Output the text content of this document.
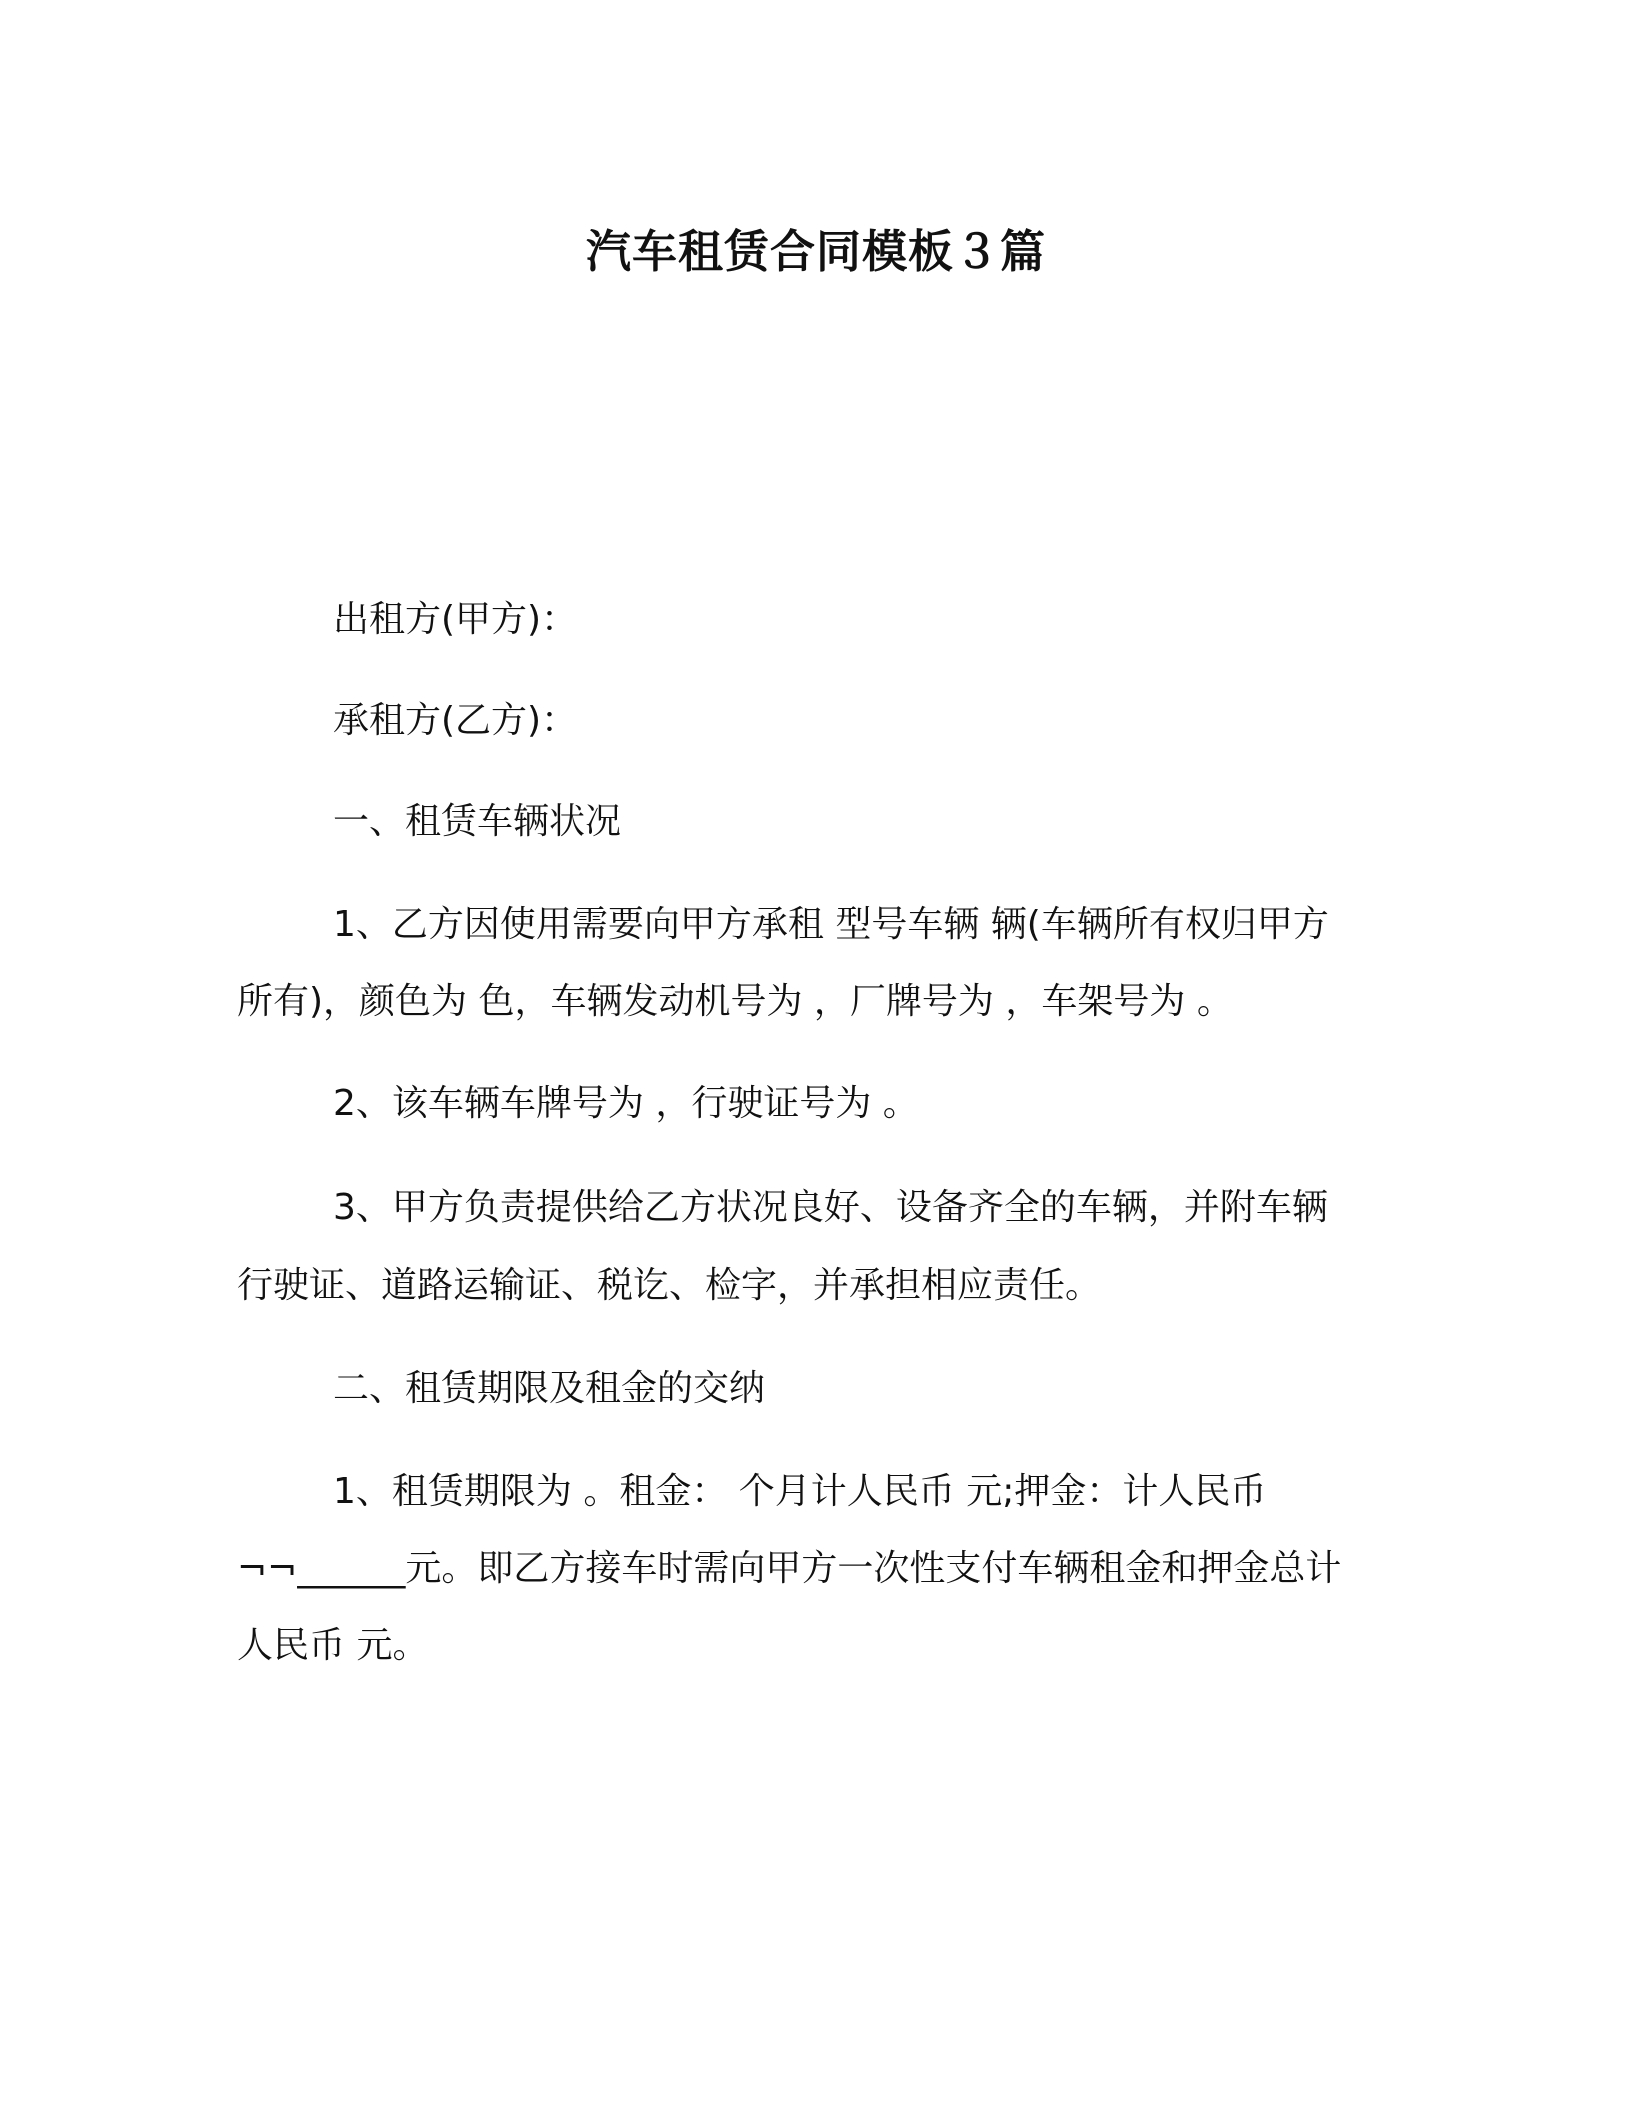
汽车租赁合同模板３篇
出租方(甲方)：
承租方(乙方)：
一、租赁车辆状况
1、乙方因使用需要向甲方承租 型号车辆 辆(车辆所有权归甲方
所有)，颜色为 色，车辆发动机号为 ，厂牌号为 ，车架号为 。
2、该车辆车牌号为 ，行驶证号为 。
3、甲方负责提供给乙方状况良好、设备齐全的车辆，并附车辆
行驶证、道路运输证、税讫、检字，并承担相应责任。
二、租赁期限及租金的交纳
1、租赁期限为 。租金： 个月计人民币 元;押金：计人民币
¬¬______元。即乙方接车时需向甲方一次性支付车辆租金和押金总计
人民币 元。
